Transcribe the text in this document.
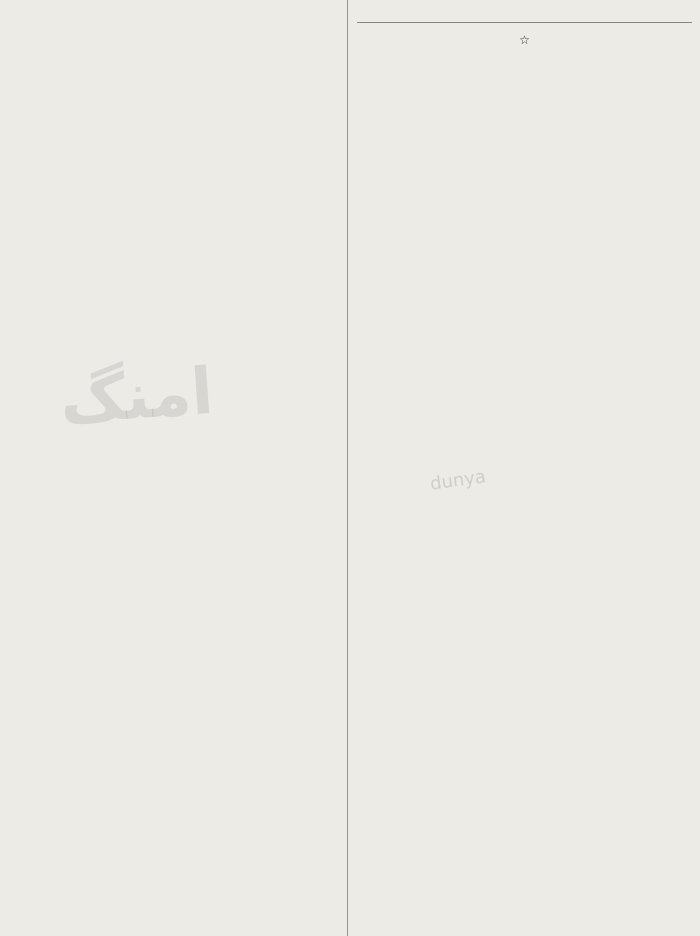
☆
dunya
